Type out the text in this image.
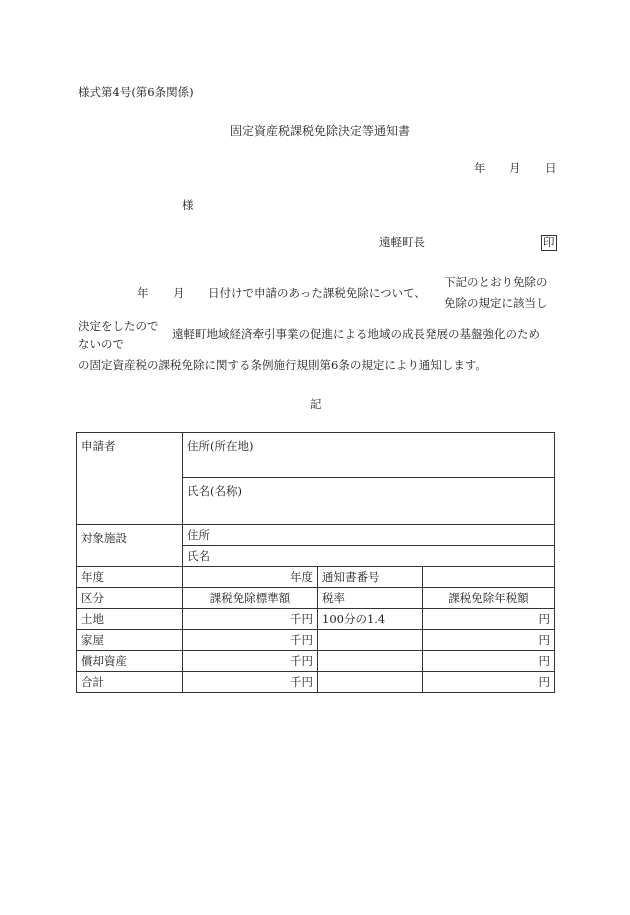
様式第4号(第6条関係)
固定資産税課税免除決定等通知書
年 月 日
様
遠軽町長	印
年 月 日付けで申請のあった課税免除について、
下記のとおり免除の
免除の規定に該当し
決定をしたので
ないので
遠軽町地域経済牽引事業の促進による地域の成長発展の基盤強化のため
の固定資産税の課税免除に関する条例施行規則第6条の規定により通知します。
記
申請者	住所(所在地)		
	氏名(名称)		
対象施設	住所		
	氏名		
年度	年度	通知書番号	
区分	課税免除標準額	税率	課税免除年税額
土地	千円	100分の1.4	円
家屋	千円		円
償却資産	千円		円
合計	千円		円
